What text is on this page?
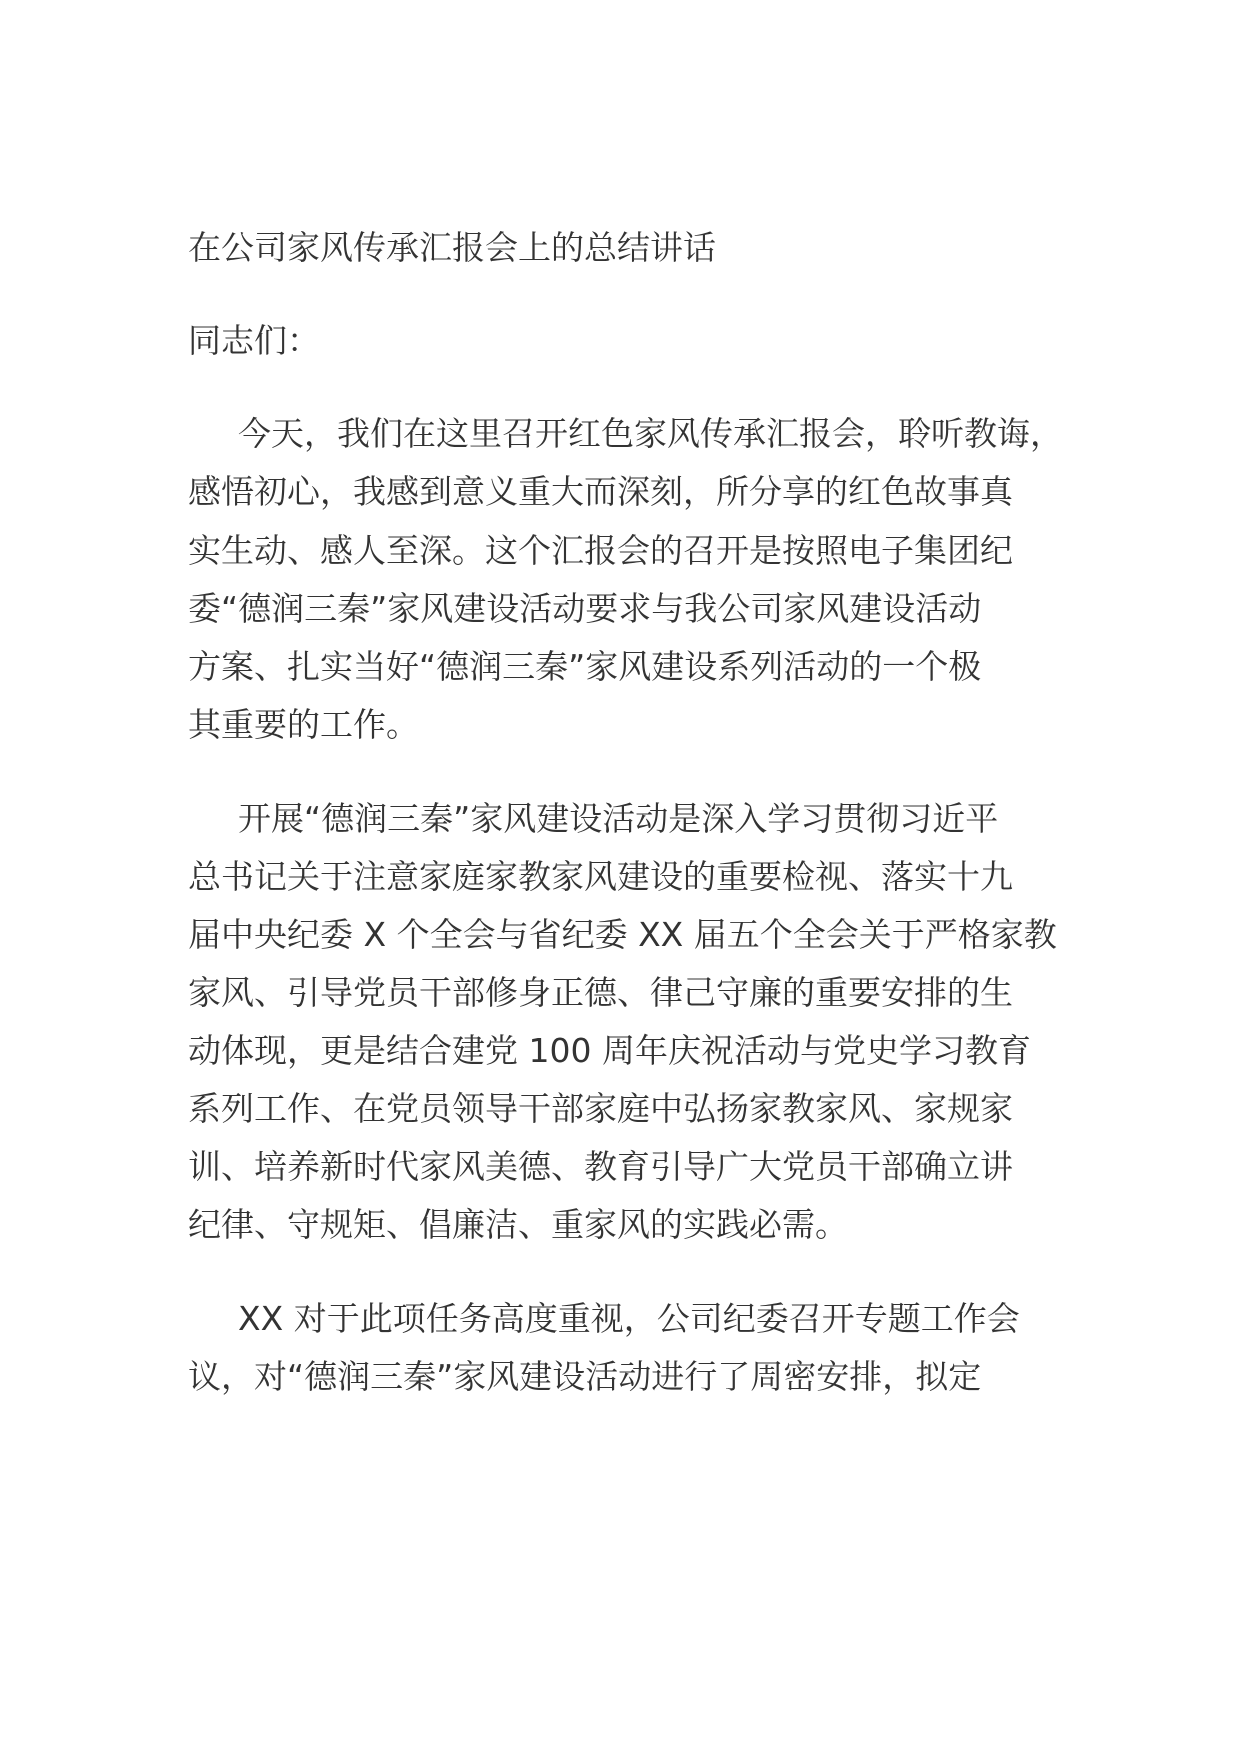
在公司家风传承汇报会上的总结讲话

同志们：

今天，我们在这里召开红色家风传承汇报会，聆听教诲，

感悟初心，我感到意义重大而深刻，所分享的红色故事真

实生动、感人至深。这个汇报会的召开是按照电子集团纪

委“德润三秦”家风建设活动要求与我公司家风建设活动

方案、扎实当好“德润三秦”家风建设系列活动的一个极

其重要的工作。

开展“德润三秦”家风建设活动是深入学习贯彻习近平

总书记关于注意家庭家教家风建设的重要检视、落实十九

届中央纪委 X 个全会与省纪委 XX 届五个全会关于严格家教

家风、引导党员干部修身正德、律己守廉的重要安排的生

动体现，更是结合建党 100 周年庆祝活动与党史学习教育

系列工作、在党员领导干部家庭中弘扬家教家风、家规家

训、培养新时代家风美德、教育引导广大党员干部确立讲

纪律、守规矩、倡廉洁、重家风的实践必需。

XX 对于此项任务高度重视，公司纪委召开专题工作会

议，对“德润三秦”家风建设活动进行了周密安排，拟定
